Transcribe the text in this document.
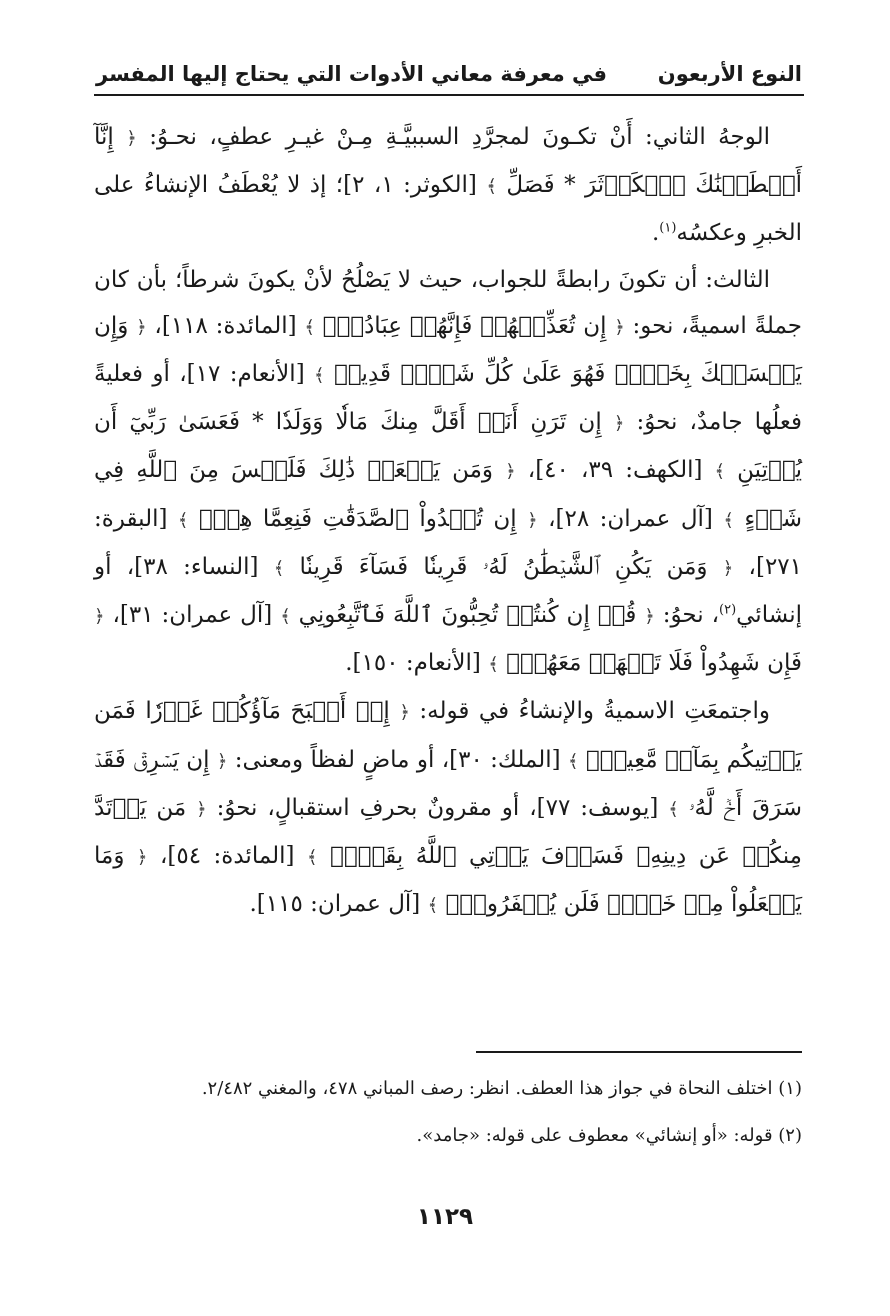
النوع الأربعون
في معرفة معاني الأدوات التي يحتاج إليها المفسر

الوجهُ الثاني: أَنْ تكـونَ لمجرَّدِ السببيَّـةِ مِـنْ غيـرِ عطفٍ، نحـوُ: ﴿ إِنَّآ أَعۡطَيۡنَٰكَ ٱلۡكَوۡثَرَ * فَصَلِّ ﴾ [الكوثر: ١، ٢]؛ إذ لا يُعْطَفُ الإنشاءُ على الخبرِ وعكسُه$^{(١)}$.

الثالث: أن تكونَ رابطةً للجواب، حيث لا يَصْلُحُ لأنْ يكونَ شرطاً؛ بأن كان جملةً اسميةً، نحو: ﴿ إِن تُعَذِّبۡهُمۡ فَإِنَّهُمۡ عِبَادُكَۖ ﴾ [المائدة: ١١٨]، ﴿ وَإِن يَمۡسَسۡكَ بِخَيۡرٖ فَهُوَ عَلَىٰ كُلِّ شَيۡءٖ قَدِيرٞ ﴾ [الأنعام: ١٧]، أو فعليةً فعلُها جامدٌ، نحوُ: ﴿ إِن تَرَنِ أَنَا۠ أَقَلَّ مِنكَ مَالٗا وَوَلَدٗا * فَعَسَىٰ رَبِّيٓ أَن يُؤۡتِيَنِ ﴾ [الكهف: ٣٩، ٤٠]، ﴿ وَمَن يَفۡعَلۡ ذَٰلِكَ فَلَيۡسَ مِنَ ٱللَّهِ فِي شَيۡءٍ ﴾ [آل عمران: ٢٨]، ﴿ إِن تُبۡدُواْ ٱلصَّدَقَٰتِ فَنِعِمَّا هِيَۖ ﴾ [البقرة: ٢٧١]، ﴿ وَمَن يَكُنِ ٱلشَّيۡطَٰنُ لَهُۥ قَرِينٗا فَسَآءَ قَرِينٗا ﴾ [النساء: ٣٨]، أو إنشائي$^{(٢)}$، نحوُ: ﴿ قُلۡ إِن كُنتُمۡ تُحِبُّونَ ٱللَّهَ فَٱتَّبِعُونِي ﴾ [آل عمران: ٣١]، ﴿ فَإِن شَهِدُواْ فَلَا تَشۡهَدۡ مَعَهُمۡۚ ﴾ [الأنعام: ١٥٠].

واجتمعَتِ الاسميةُ والإنشاءُ في قوله: ﴿ إِنۡ أَصۡبَحَ مَآؤُكُمۡ غَوۡرٗا فَمَن يَأۡتِيكُم بِمَآءٖ مَّعِينِۭ ﴾ [الملك: ٣٠]، أو ماضٍ لفظاً ومعنى: ﴿ إِن يَسۡرِقۡ فَقَدۡ سَرَقَ أَخٞ لَّهُۥ ﴾ [يوسف: ٧٧]، أو مقرونٌ بحرفِ استقبالٍ، نحوُ: ﴿ مَن يَرۡتَدَّ مِنكُمۡ عَن دِينِهِۦ فَسَوۡفَ يَأۡتِي ٱللَّهُ بِقَوۡمٖ ﴾ [المائدة: ٥٤]، ﴿ وَمَا يَفۡعَلُواْ مِنۡ خَيۡرٖ فَلَن يُكۡفَرُوهُۗ ﴾ [آل عمران: ١١٥].

(١) اختلف النحاة في جواز هذا العطف. انظر: رصف المباني ٤٧٨، والمغني ٢/٤٨٢.

(٢) قوله: «أو إنشائي» معطوف على قوله: «جامد».

١١٢٩
